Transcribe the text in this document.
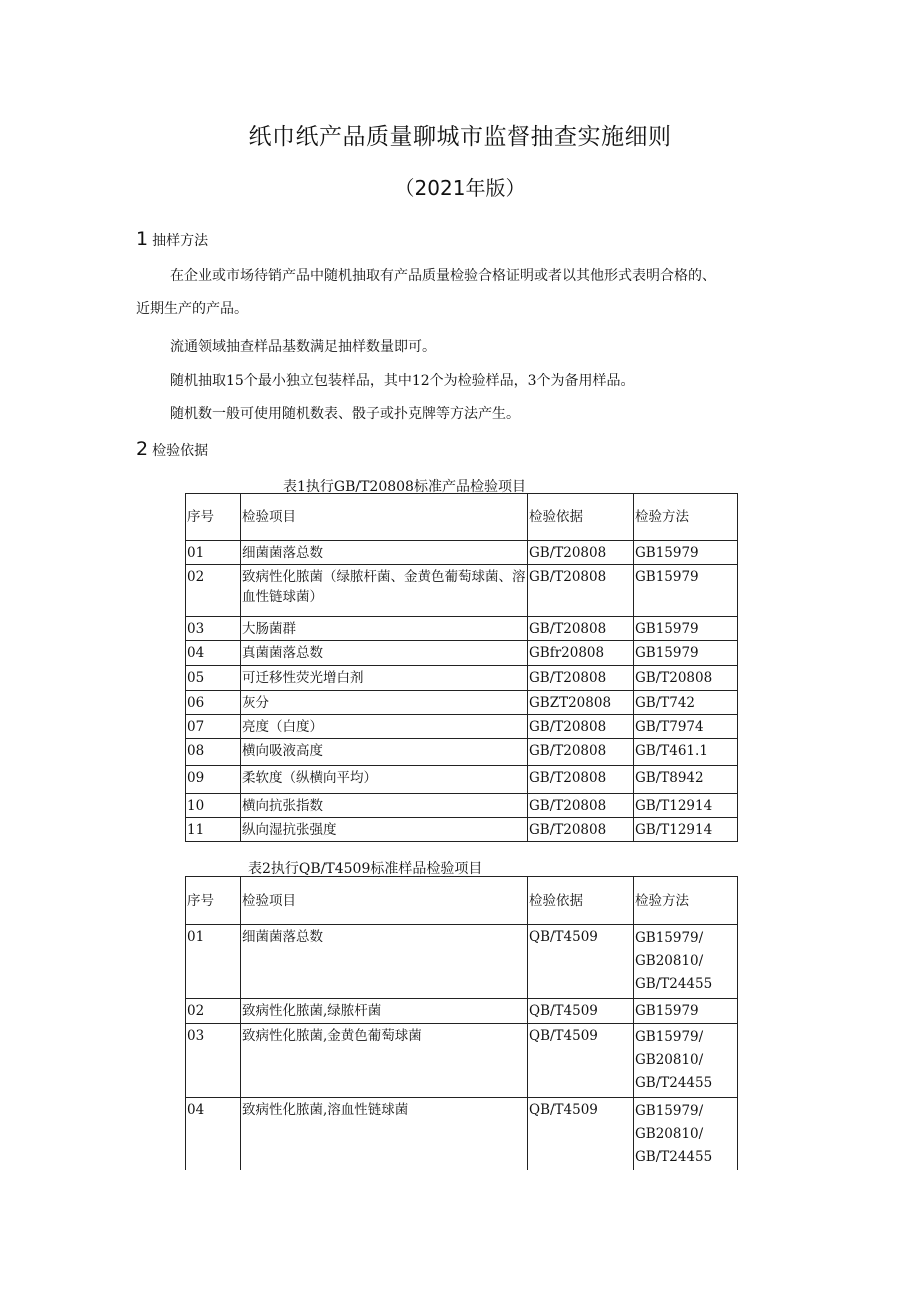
纸巾纸产品质量聊城市监督抽查实施细则
（2021年版）
1 抽样方法

在企业或市场待销产品中随机抽取有产品质量检验合格证明或者以其他形式表明合格的、

近期生产的产品。

流通领域抽查样品基数满足抽样数量即可。

随机抽取15个最小独立包装样品，其中12个为检验样品，3个为备用样品。

随机数一般可使用随机数表、骰子或扑克牌等方法产生。

2 检验依据
表1执行GB/T20808标准产品检验项目
序号	检验项目	检验依据	检验方法
01	细菌菌落总数	GB/T20808	GB15979
02	致病性化脓菌（绿脓杆菌、金黄色葡萄球菌、溶血性链球菌）	GB/T20808	GB15979
03	大肠菌群	GB/T20808	GB15979
04	真菌菌落总数	GBfr20808	GB15979
05	可迁移性荧光增白剂	GB/T20808	GB/T20808
06	灰分	GBZT20808	GB/T742
07	亮度（白度）	GB/T20808	GB/T7974
08	横向吸液高度	GB/T20808	GB/T461.1
09	柔软度（纵横向平均）	GB/T20808	GB/T8942
10	横向抗张指数	GB/T20808	GB/T12914
11	纵向湿抗张强度	GB/T20808	GB/T12914
表2执行QB/T4509标准样品检验项目
序号	检验项目	检验依据	检验方法
01	细菌菌落总数	QB/T4509	GB15979/
GB20810/
GB/T24455
02	致病性化脓菌,绿脓杆菌	QB/T4509	GB15979
03	致病性化脓菌,金黄色葡萄球菌	QB/T4509	GB15979/
GB20810/
GB/T24455
04	致病性化脓菌,溶血性链球菌	QB/T4509	GB15979/
GB20810/
GB/T24455
